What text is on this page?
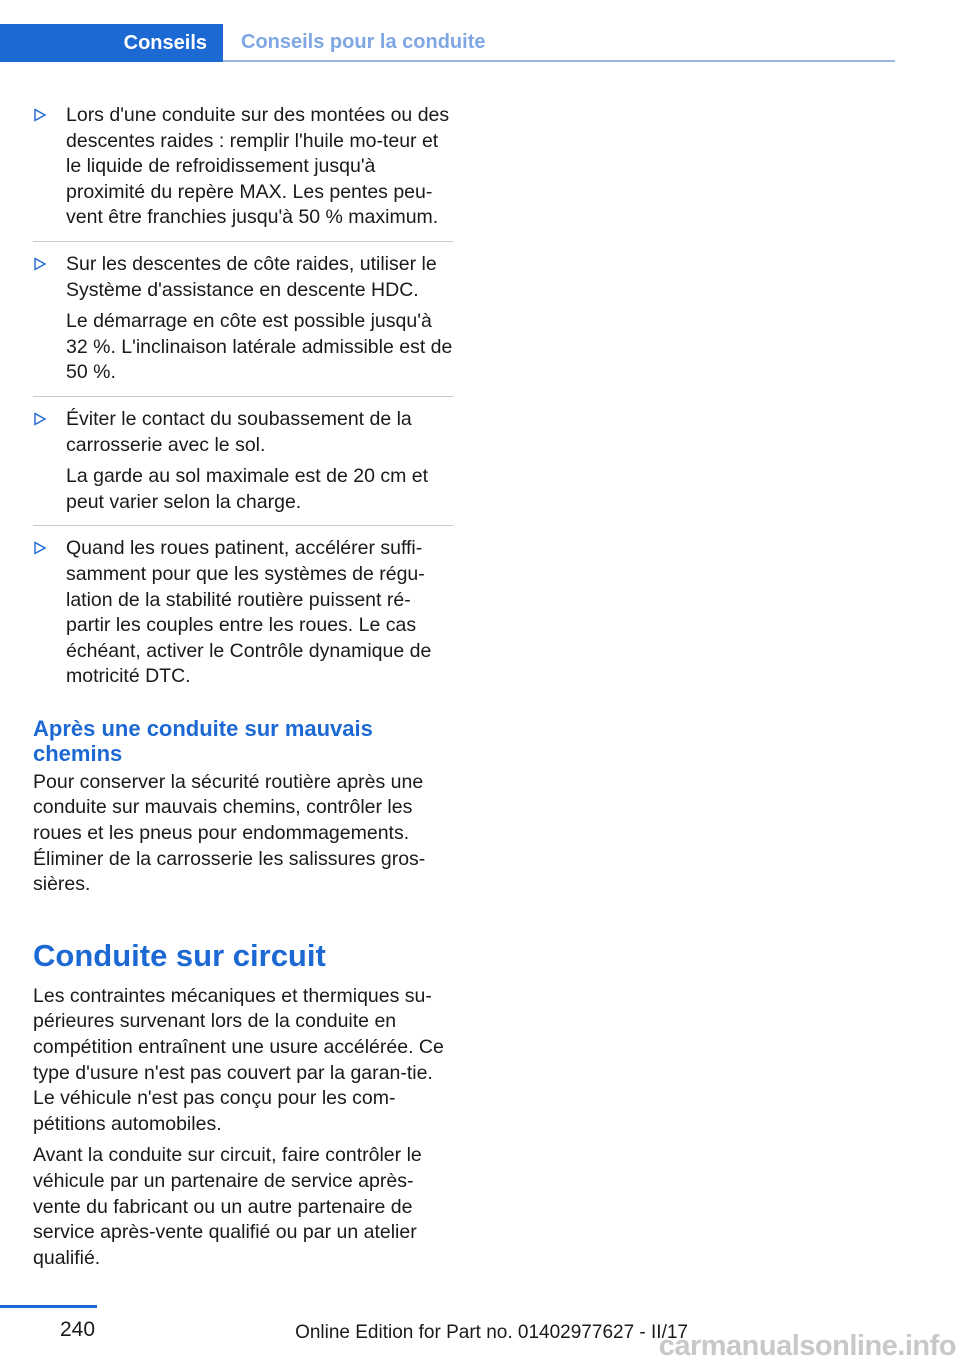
Conseils	Conseils pour la conduite

Lors d'une conduite sur des montées ou des descentes raides : remplir l'huile mo-teur et le liquide de refroidissement jusqu'à proximité du repère MAX. Les pentes peu-vent être franchies jusqu'à 50 % maximum.

Sur les descentes de côte raides, utiliser le Système d'assistance en descente HDC.

Le démarrage en côte est possible jusqu'à 32 %. L'inclinaison latérale admissible est de 50 %.

Éviter le contact du soubassement de la carrosserie avec le sol.

La garde au sol maximale est de 20 cm et peut varier selon la charge.

Quand les roues patinent, accélérer suffi-samment pour que les systèmes de régu-lation de la stabilité routière puissent ré-partir les couples entre les roues. Le cas échéant, activer le Contrôle dynamique de motricité DTC.

Après une conduite sur mauvais chemins

Pour conserver la sécurité routière après une conduite sur mauvais chemins, contrôler les roues et les pneus pour endommagements. Éliminer de la carrosserie les salissures gros-sières.

Conduite sur circuit

Les contraintes mécaniques et thermiques su-périeures survenant lors de la conduite en compétition entraînent une usure accélérée. Ce type d'usure n'est pas couvert par la garan-tie. Le véhicule n'est pas conçu pour les com-pétitions automobiles.

Avant la conduite sur circuit, faire contrôler le véhicule par un partenaire de service après-vente du fabricant ou un autre partenaire de service après-vente qualifié ou par un atelier qualifié.

240	Online Edition for Part no. 01402977627 - II/17
carmanualsonline.info
